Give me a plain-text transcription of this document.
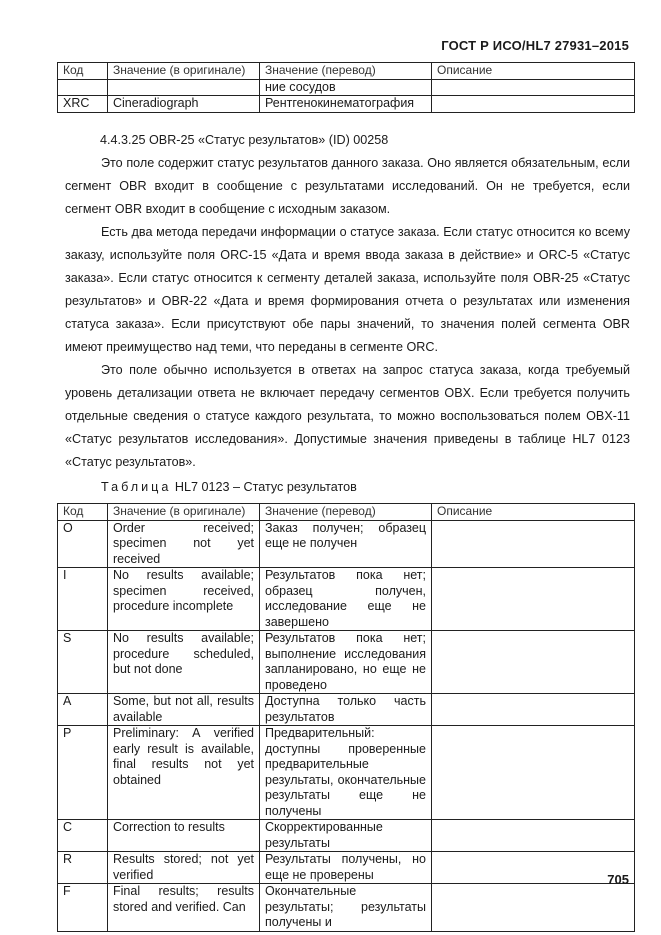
ГОСТ Р ИСО/HL7 27931–2015
Код	Значение (в оригинале)	Значение (перевод)	Описание
		ние сосудов	
XRC	Cineradiograph	Рентгенокинематография	
4.4.3.25 OBR-25 «Статус результатов» (ID) 00258

Это поле содержит статус результатов данного заказа. Оно является обязательным, если сегмент OBR входит в сообщение с результатами исследований. Он не требуется, если сегмент OBR входит в сообщение с исходным заказом.

Есть два метода передачи информации о статусе заказа. Если статус относится ко всему заказу, используйте поля ORC-15 «Дата и время ввода заказа в действие» и ORC-5 «Статус заказа». Если статус относится к сегменту деталей заказа, используйте поля OBR-25 «Статус результатов» и OBR-22 «Дата и время формирования отчета о результатах или изменения статуса заказа». Если присутствуют обе пары значений, то значения полей сегмента OBR имеют преимущество над теми, что переданы в сегменте ORC.

Это поле обычно используется в ответах на запрос статуса заказа, когда требуемый уровень детализации ответа не включает передачу сегментов OBX. Если требуется получить отдельные сведения о статусе каждого результата, то можно воспользоваться полем OBX-11 «Статус результатов исследования». Допустимые значения приведены в таблице HL7 0123 «Статус результатов».

Таблица HL7 0123 – Статус результатов
Код	Значение (в оригинале)	Значение (перевод)	Описание
O	Order received; specimen not yet received	Заказ получен; образец еще не получен	
I	No results available; specimen received, procedure incomplete	Результатов пока нет; образец получен, исследование еще не завершено	
S	No results available; procedure scheduled, but not done	Результатов пока нет; выполнение исследования запланировано, но еще не проведено	
A	Some, but not all, results available	Доступна только часть результатов	
P	Preliminary: A verified early result is available, final results not yet obtained	Предварительный: доступны проверенные предварительные результаты, окончательные результаты еще не получены	
C	Correction to results	Скорректированные результаты	
R	Results stored; not yet verified	Результаты получены, но еще не проверены	
F	Final results; results stored and verified. Can	Окончательные результаты; результаты получены и	
705
